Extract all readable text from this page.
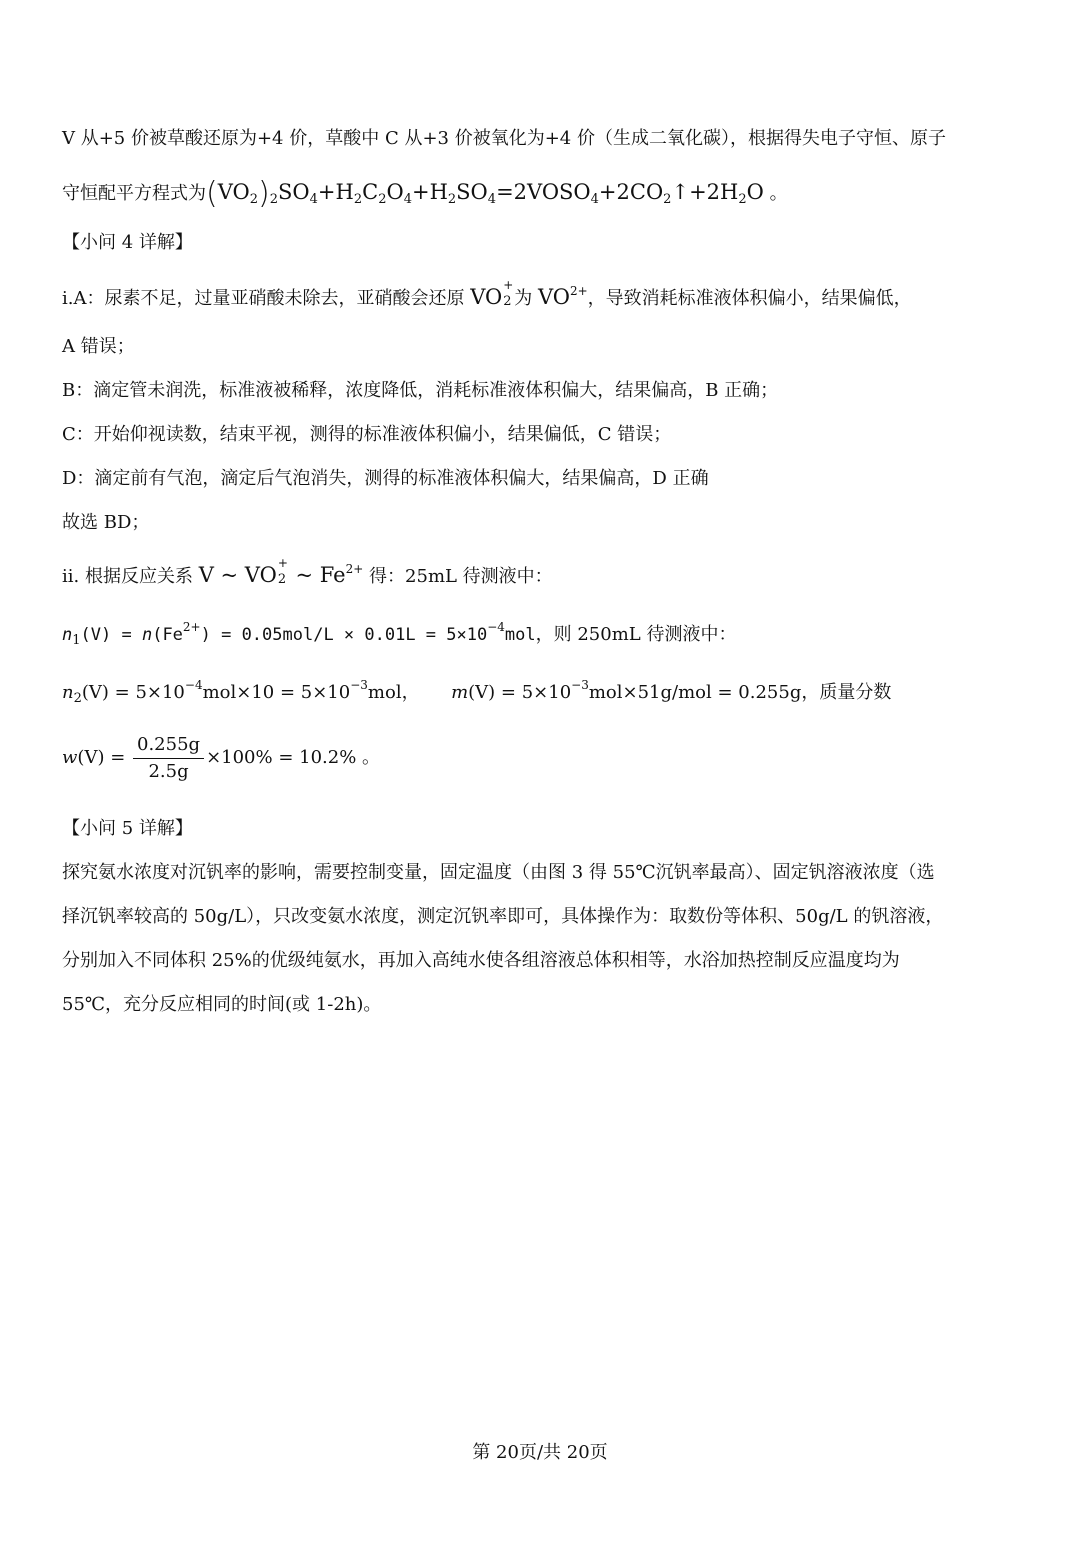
V 从+5 价被草酸还原为+4 价，草酸中 C 从+3 价被氧化为+4 价（生成二氧化碳），根据得失电子守恒、原子
守恒配平方程式为$(VO_2)_2SO_4+H_2C_2O_4+H_2SO_4=2VOSO_4+2CO_2↑+2H_2O$ 。
【小问 4 详解】
ⅰ.A：尿素不足，过量亚硝酸未除去，亚硝酸会还原 VO +
2 为 $VO^{2+}$，导致消耗标准液体积偏小，结果偏低，
A 错误；
B：滴定管未润洗，标准液被稀释，浓度降低，消耗标准液体积偏大，结果偏高，B 正确；
C：开始仰视读数，结束平视，测得的标准液体积偏小，结果偏低，C 错误；
D：滴定前有气泡，滴定后气泡消失，测得的标准液体积偏大，结果偏高，D 正确
故选 BD；
ⅱ. 根据反应关系 V ~ VO +
2 ~ $Fe^{2+}$ 得：25mL 待测液中：
$n_1(V) = n(Fe^{2+}) = 0.05mol/L \times 0.01L = 5\times 10^{-4}mol$，则 250mL 待测液中：
$n_2(V) = 5\times 10^{-4}mol\times 10 = 5\times 10^{-3}mol$， $m(V) = 5\times 10^{-3}mol\times 51g$/mol = 0.255g，质量分数
$w(V) = \frac{0.255g}{2.5g} \times 100\% = 10.2\%$ 。
【小问 5 详解】
探究氨水浓度对沉钒率的影响，需要控制变量，固定温度（由图 3 得 55℃沉钒率最高）、固定钒溶液浓度（选
择沉钒率较高的 50g/L），只改变氨水浓度，测定沉钒率即可，具体操作为：取数份等体积、50g/L 的钒溶液，
分别加入不同体积 25%的优级纯氨水，再加入高纯水使各组溶液总体积相等，水浴加热控制反应温度均为
55℃，充分反应相同的时间(或 1-2h)。
第 20页/共 20页
